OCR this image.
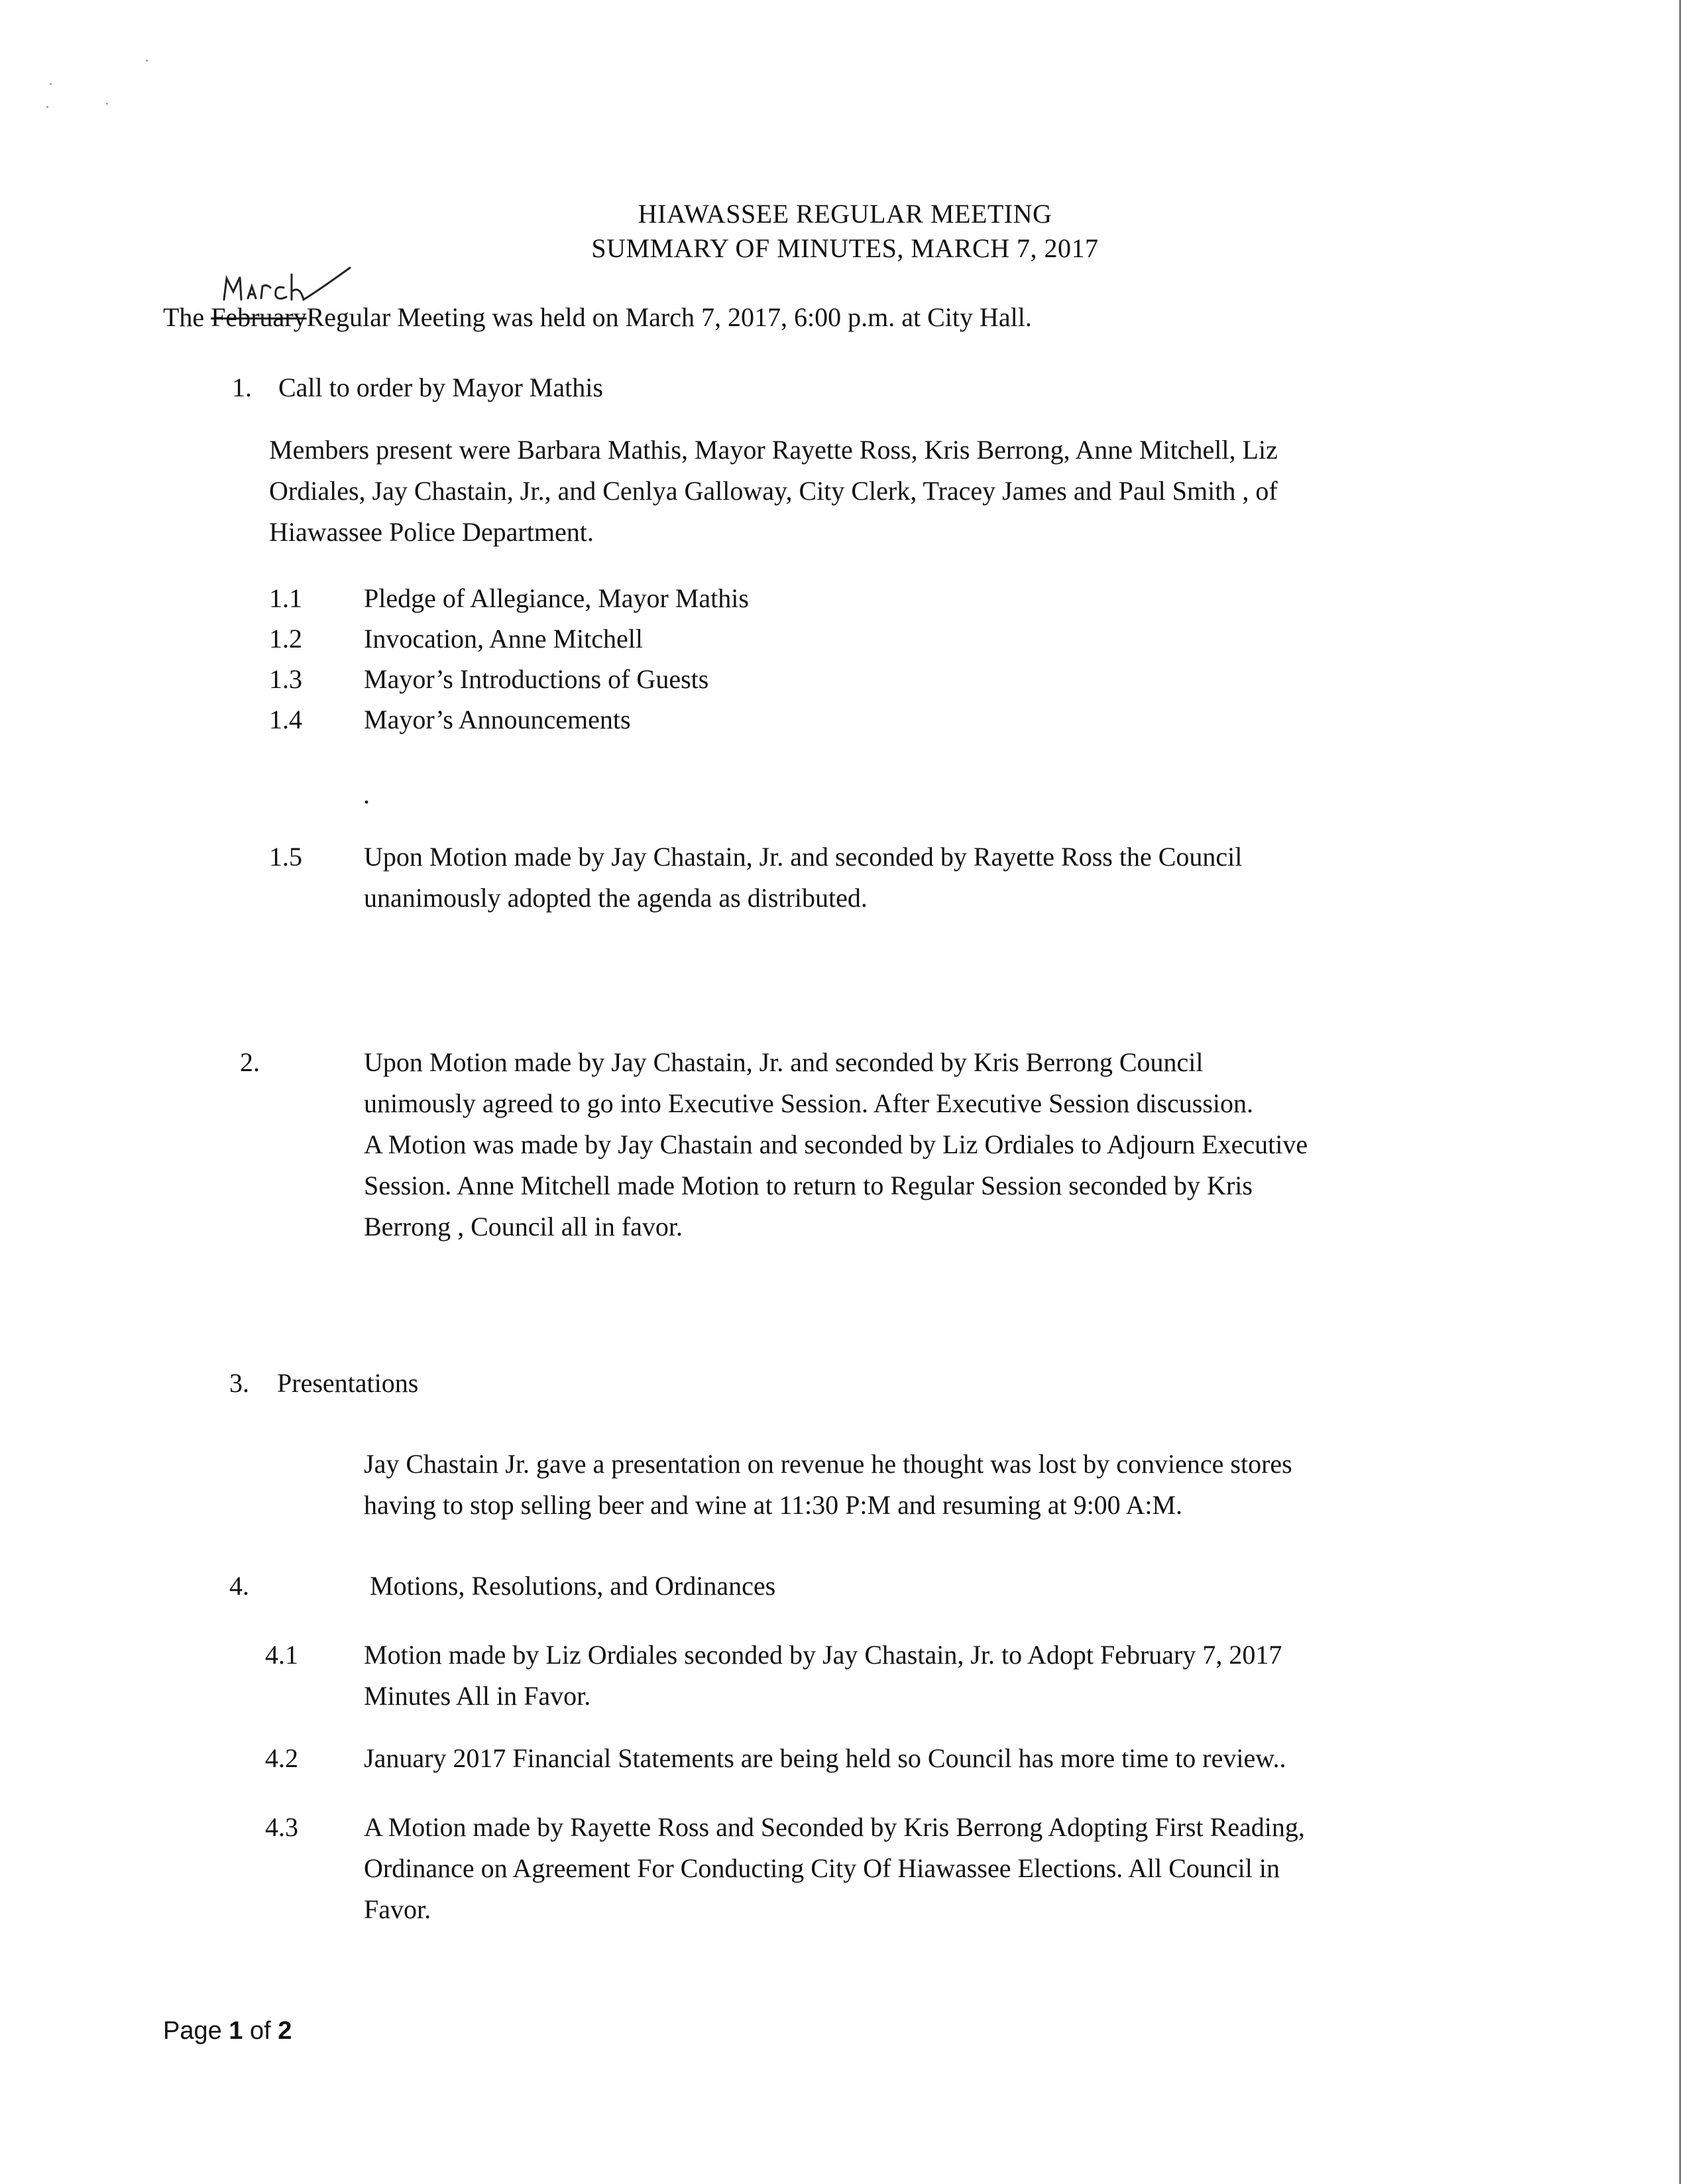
HIAWASSEE REGULAR MEETING
SUMMARY OF MINUTES, MARCH 7, 2017

The FebruaryRegular Meeting was held on March 7, 2017, 6:00 p.m. at City Hall.

1. Call to order by Mayor Mathis
Members present were Barbara Mathis, Mayor Rayette Ross, Kris Berrong, Anne Mitchell, Liz
Ordiales, Jay Chastain, Jr., and Cenlya Galloway, City Clerk, Tracey James and Paul Smith , of
Hiawassee Police Department.
1.1 Pledge of Allegiance, Mayor Mathis
1.2 Invocation, Anne Mitchell
1.3 Mayor’s Introductions of Guests
1.4 Mayor’s Announcements
.
1.5 Upon Motion made by Jay Chastain, Jr. and seconded by Rayette Ross the Council
unanimously adopted the agenda as distributed.
2.	Upon Motion made by Jay Chastain, Jr. and seconded by Kris Berrong Council
unimously agreed to go into Executive Session. After Executive Session discussion.
A Motion was made by Jay Chastain and seconded by Liz Ordiales to Adjourn Executive
Session. Anne Mitchell made Motion to return to Regular Session seconded by Kris
Berrong , Council all in favor.
3. Presentations
Jay Chastain Jr. gave a presentation on revenue he thought was lost by convience stores
having to stop selling beer and wine at 11:30 P:M and resuming at 9:00 A:M.
4.	Motions, Resolutions, and Ordinances
4.1 Motion made by Liz Ordiales seconded by Jay Chastain, Jr. to Adopt February 7, 2017
Minutes All in Favor.
4.2 January 2017 Financial Statements are being held so Council has more time to review..
4.3 A Motion made by Rayette Ross and Seconded by Kris Berrong Adopting First Reading,
Ordinance on Agreement For Conducting City Of Hiawassee Elections. All Council in
Favor.
Page 1 of 2
